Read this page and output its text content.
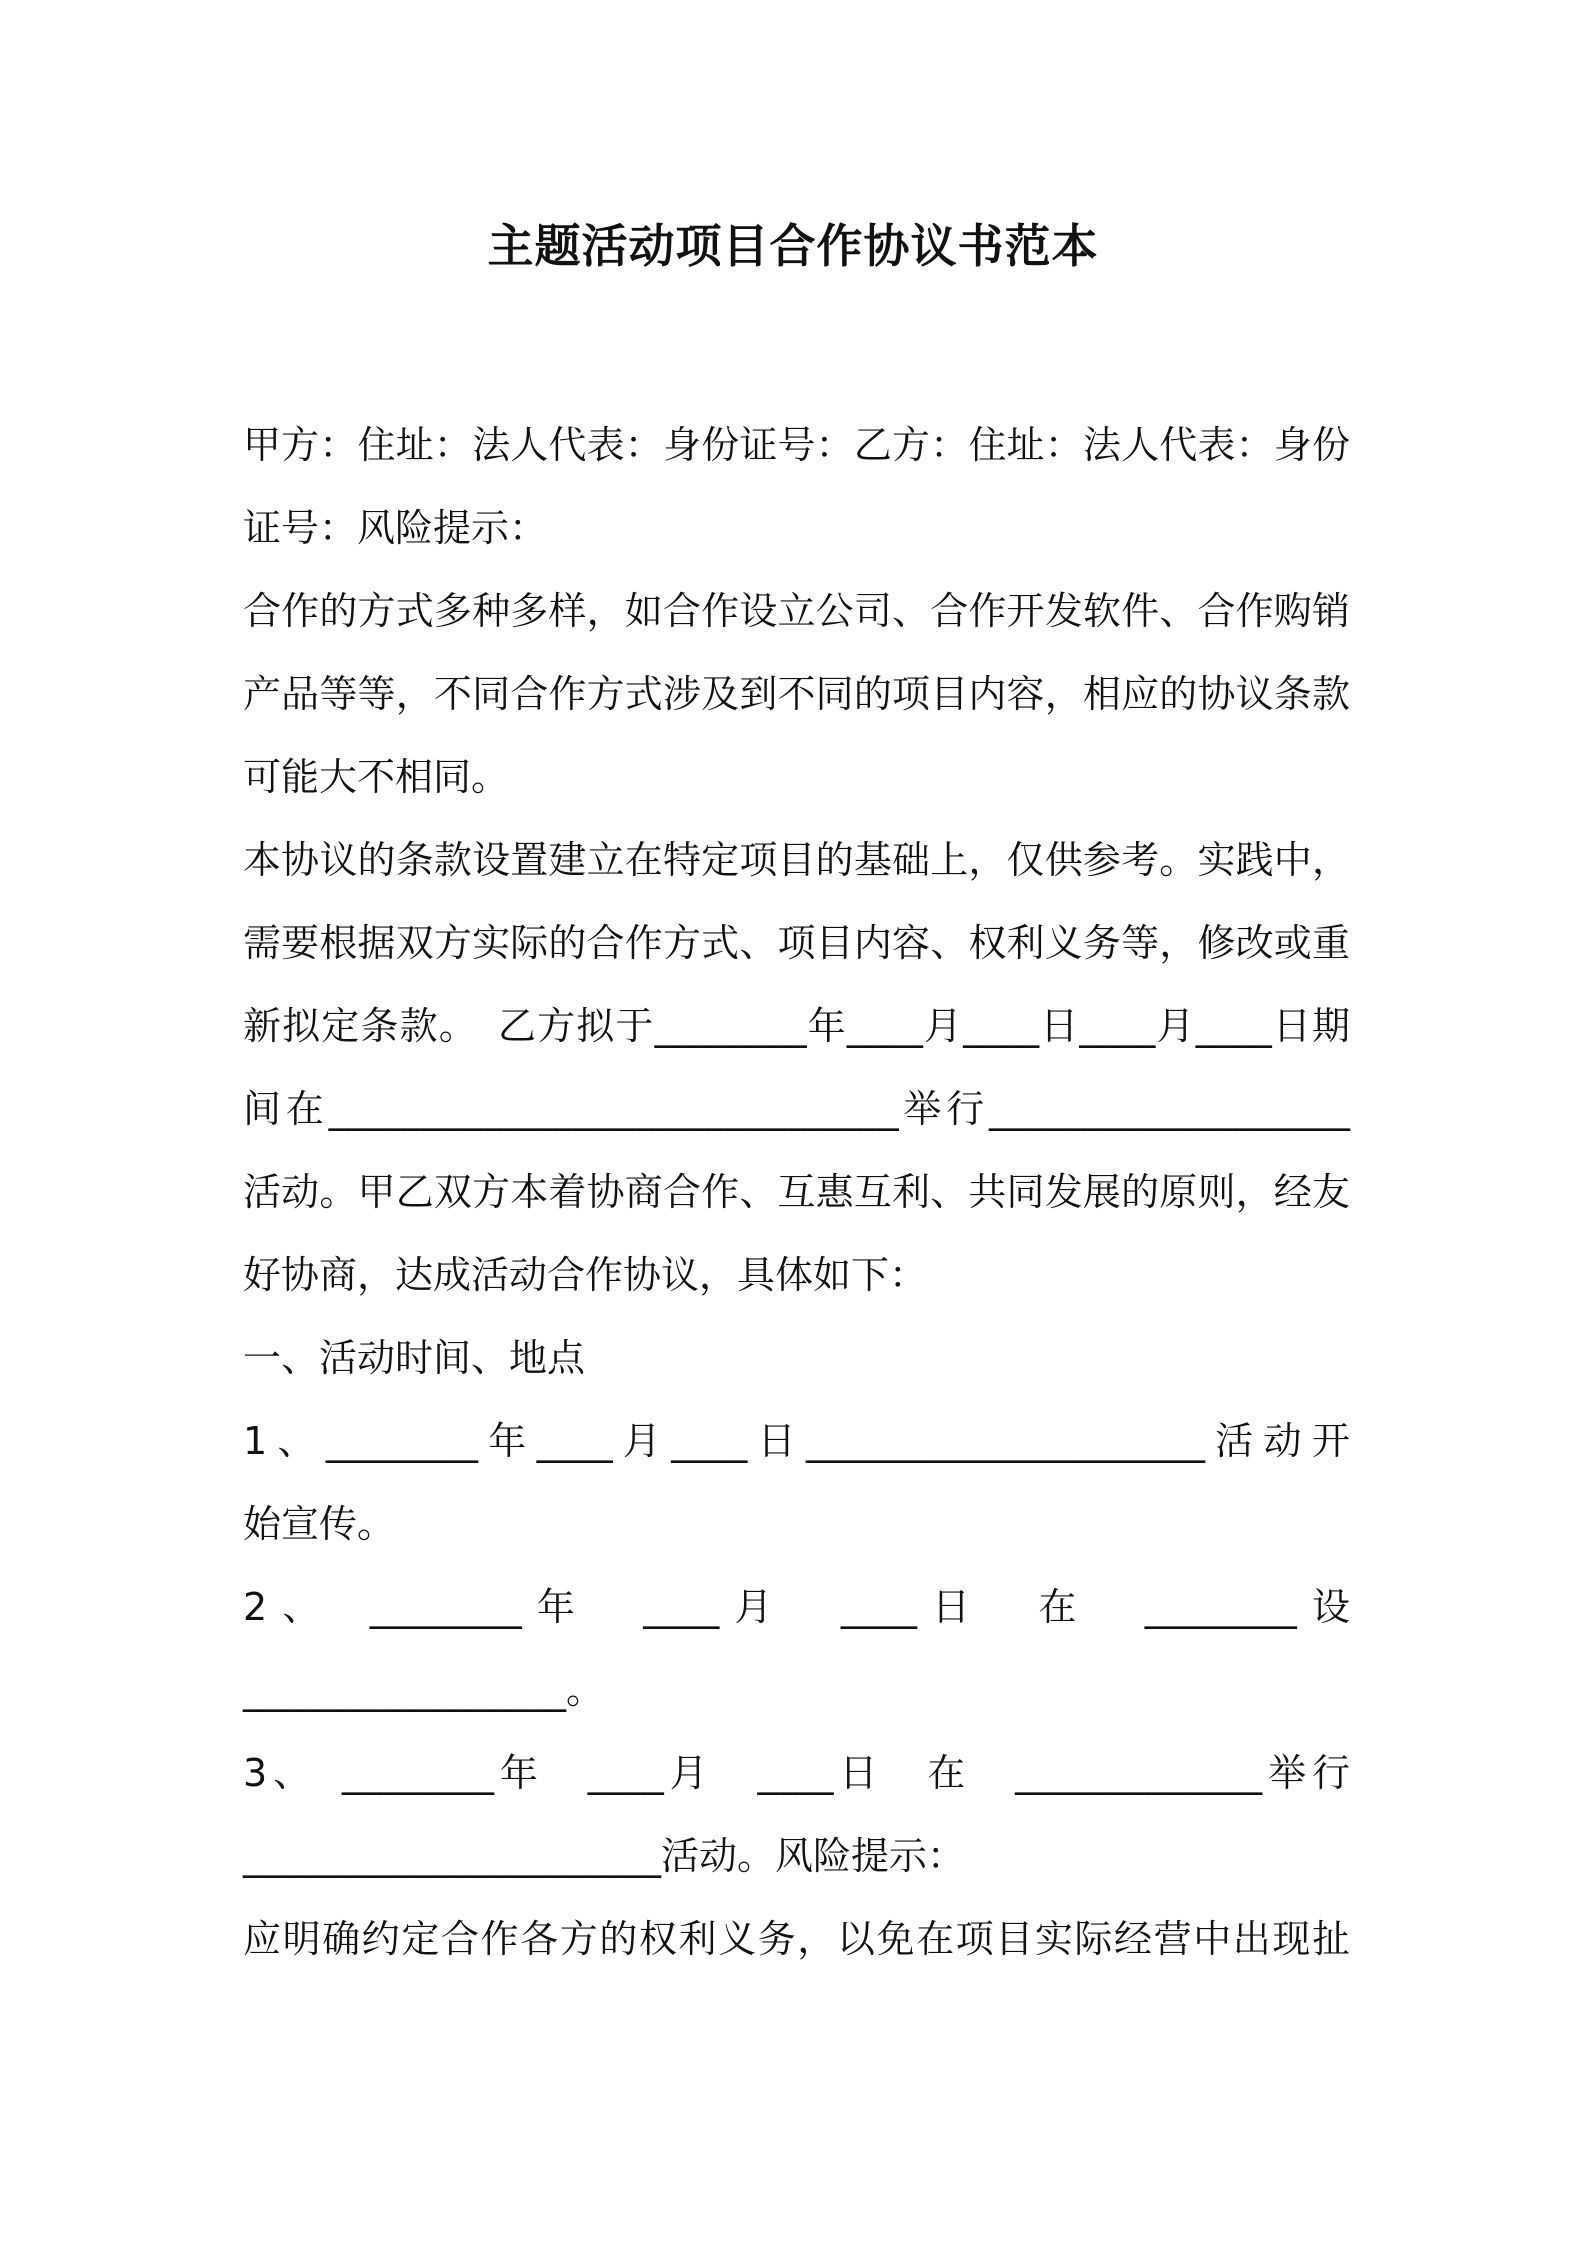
主题活动项目合作协议书范本

甲方：住址：法人代表：身份证号：乙方：住址：法人代表：身份证号：风险提示：

合作的方式多种多样，如合作设立公司、合作开发软件、合作购销产品等等，不同合作方式涉及到不同的项目内容，相应的协议条款可能大不相同。

本协议的条款设置建立在特定项目的基础上，仅供参考。实践中，需要根据双方实际的合作方式、项目内容、权利义务等，修改或重新拟定条款。　乙方拟于________年____月____日____月____日期间在______________________________举行___________________活动。甲乙双方本着协商合作、互惠互利、共同发展的原则，经友好协商，达成活动合作协议，具体如下：

一、活动时间、地点

1、________年____月____日_____________________活动开
始宣传。
2、　________年　____月　____日　在　________设
_________________。
3、　________年　____月　____日　在　_____________举行
______________________活动。风险提示：
应明确约定合作各方的权利义务，以免在项目实际经营中出现扯
